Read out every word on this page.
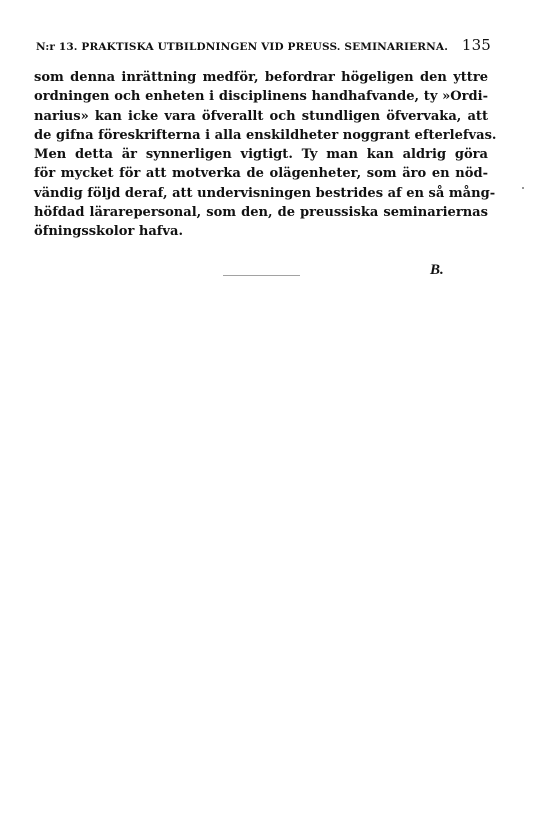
N:r 13. PRAKTISKA UTBILDNINGEN VID PREUSS. SEMINARIERNA. 135
som denna inrättning medför, befordrar högeligen den yttre
ordningen och enheten i disciplinens handhafvande, ty »Ordi-
narius» kan icke vara öfverallt och stundligen öfvervaka, att
de gifna föreskrifterna i alla enskildheter noggrant efterlefvas.
Men detta är synnerligen vigtigt. Ty man kan aldrig göra
för mycket för att motverka de olägenheter, som äro en nöd-
vändig följd deraf, att undervisningen bestrides af en så mång-
höfdad lärarepersonal, som den, de preussiska seminariernas
öfningsskolor hafva.
B.
